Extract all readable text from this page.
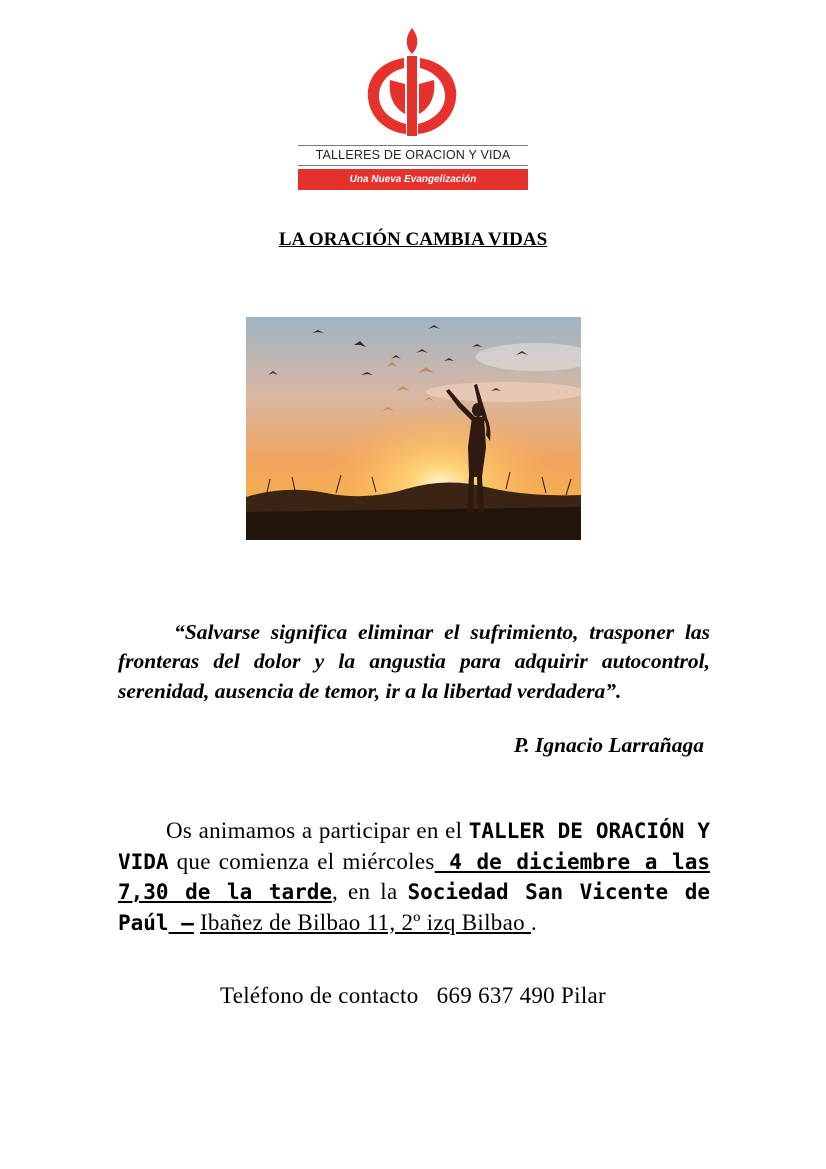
TALLERES DE ORACION Y VIDA
Una Nueva Evangelización
LA ORACIÓN CAMBIA VIDAS
“Salvarse significa eliminar el sufrimiento, trasponer las fronteras del dolor y la angustia para adquirir autocontrol, serenidad, ausencia de temor, ir a la libertad verdadera”.
P. Ignacio Larrañaga
Os animamos a participar en el TALLER DE ORACIÓN Y VIDA que comienza el miércoles 4 de diciembre a las 7,30 de la tarde, en la Sociedad San Vicente de Paúl – Ibañez de Bilbao 11, 2º izq Bilbao .
Teléfono de contacto 669 637 490 Pilar
